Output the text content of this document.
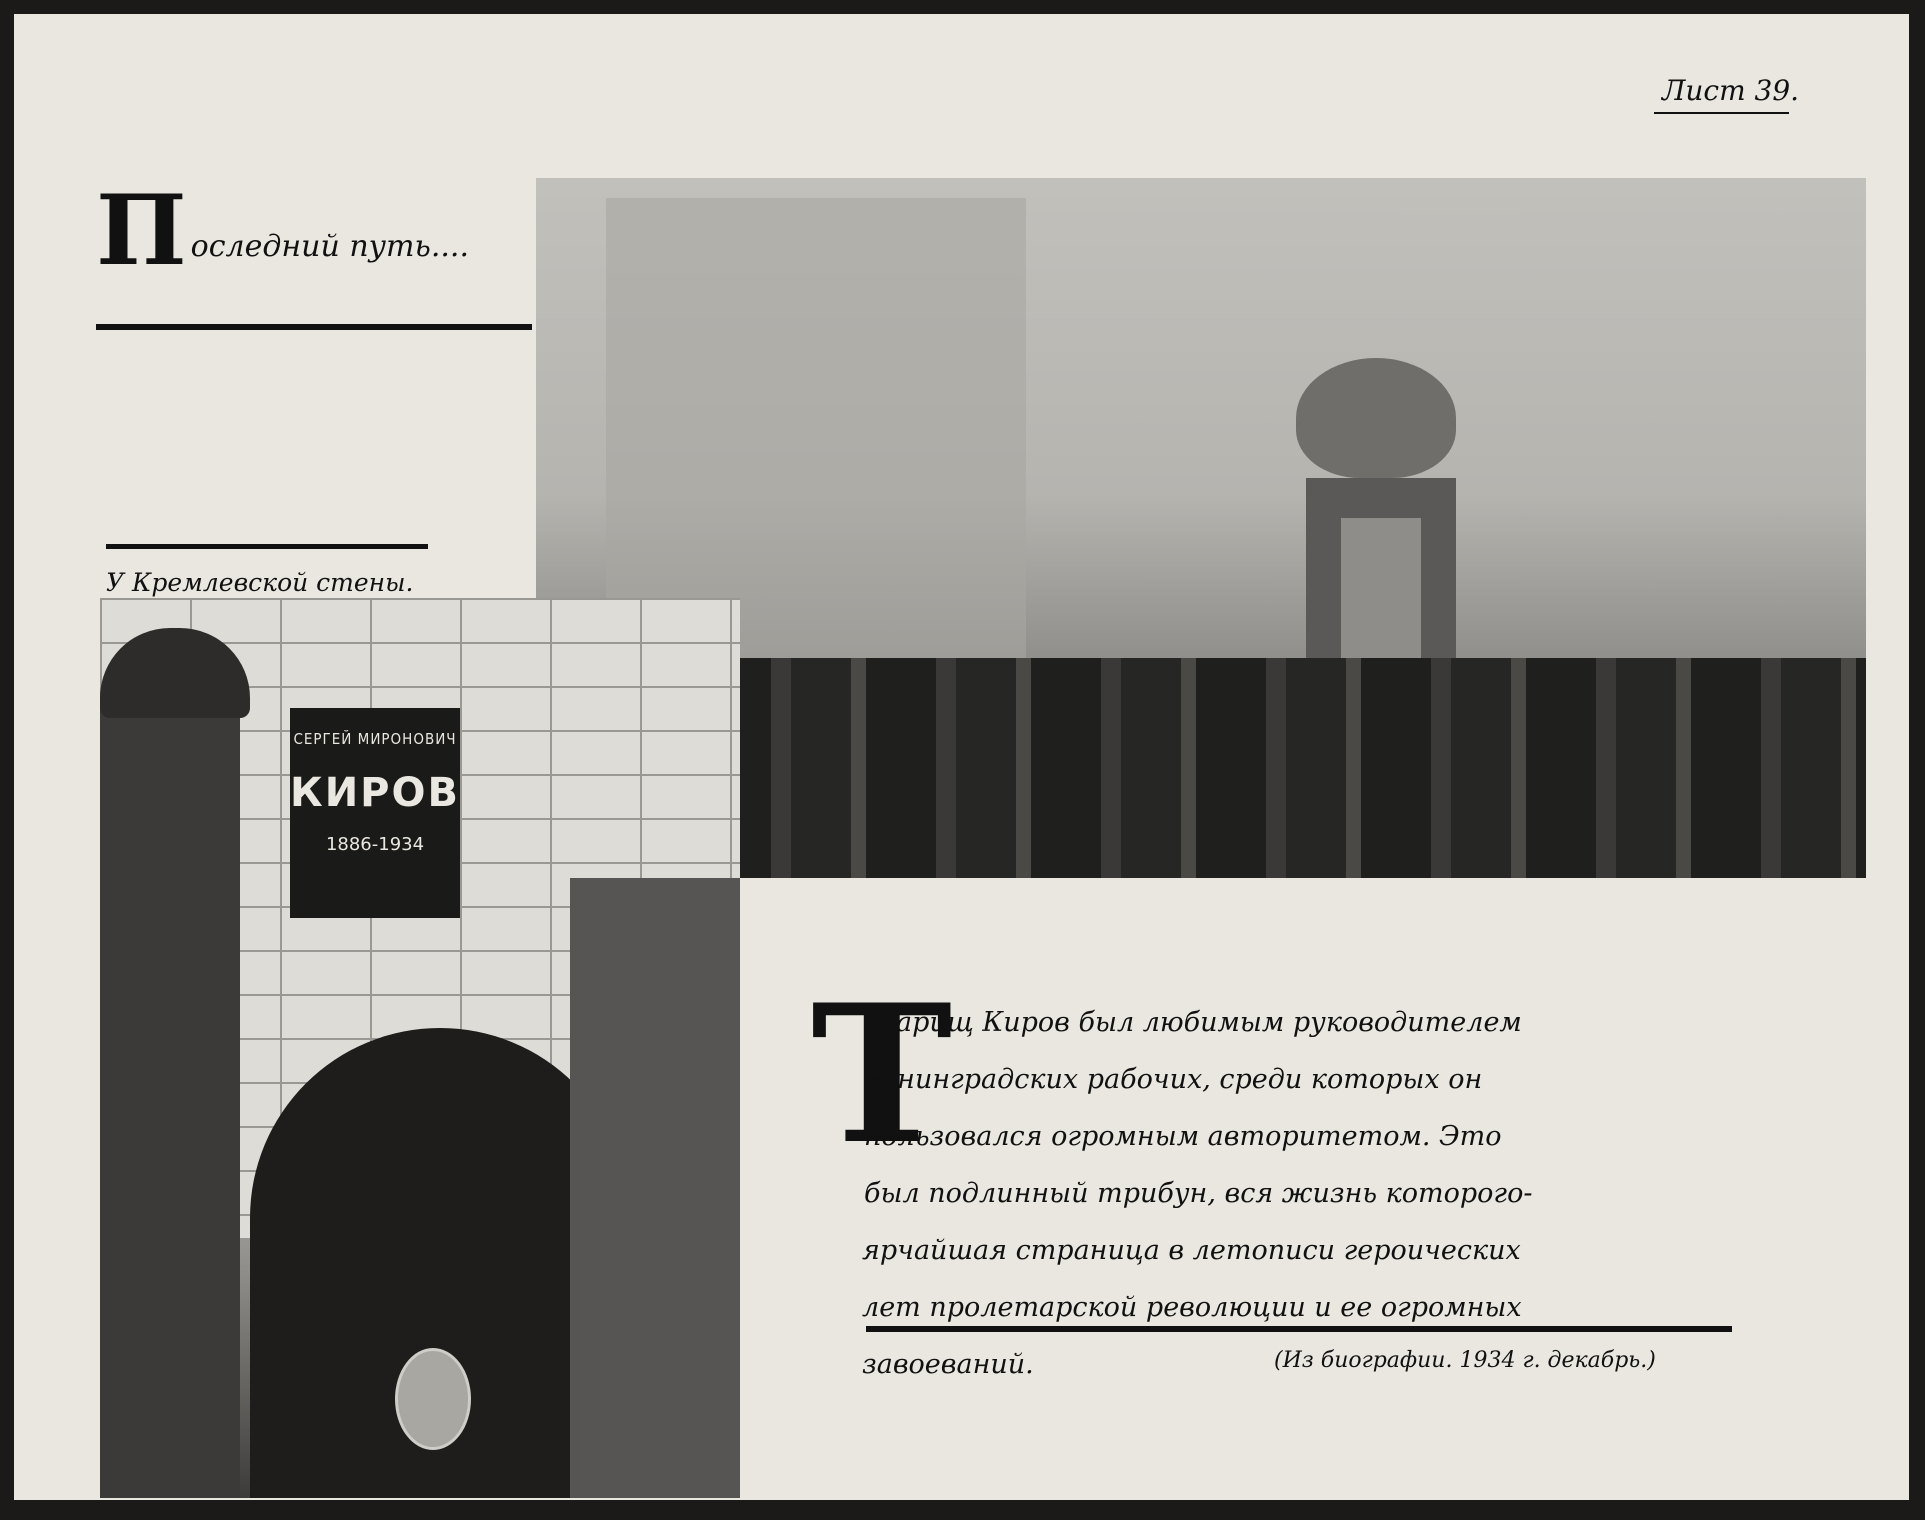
Лист 39.
П оследний путь....
У Кремлевской стены.
СЕРГЕЙ МИРОНОВИЧ
КИРОВ
1886-1934
Т
оварищ Киров был любимым руководителем
ленинградских рабочих, среди которых он
пользовался огромным авторитетом. Это
был подлинный трибун, вся жизнь которого-
ярчайшая страница в летописи героических
лет пролетарской революции и ее огромных
завоеваний.	(Из биографии. 1934 г. декабрь.)
